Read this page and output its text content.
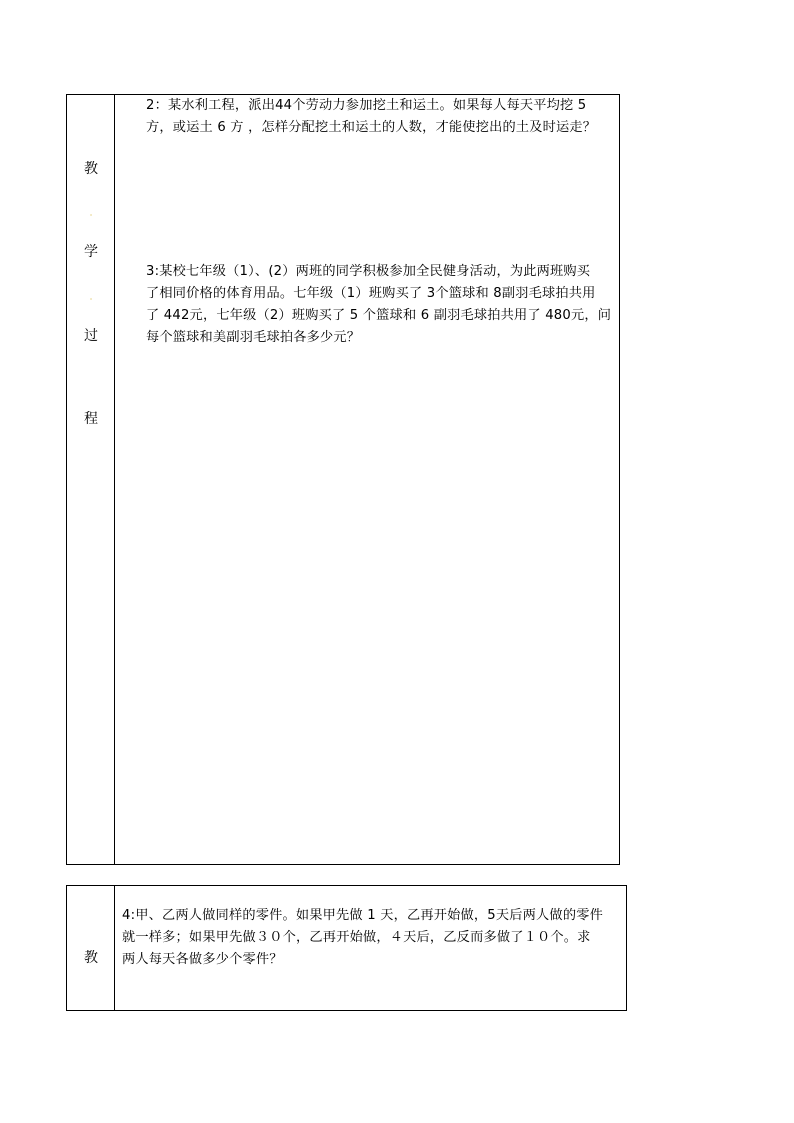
教
·
学
·
过
程
2：某水利工程，派出44个劳动力参加挖土和运土。如果每人每天平均挖 5
方，或运土 6 方 ，怎样分配挖土和运土的人数，才能使挖出的土及时运走？
3:某校七年级（1）、(2）两班的同学积极参加全民健身活动，为此两班购买
了相同价格的体育用品。七年级（1）班购买了 3个篮球和 8副羽毛球拍共用
了 442元，七年级（2）班购买了 5 个篮球和 6 副羽毛球拍共用了 480元，问
每个篮球和美副羽毛球拍各多少元？
教
4:甲、乙两人做同样的零件。如果甲先做 1 天，乙再开始做，5天后两人做的零件
就一样多；如果甲先做３０个，乙再开始做，４天后，乙反而多做了１０个。求
两人每天各做多少个零件？
